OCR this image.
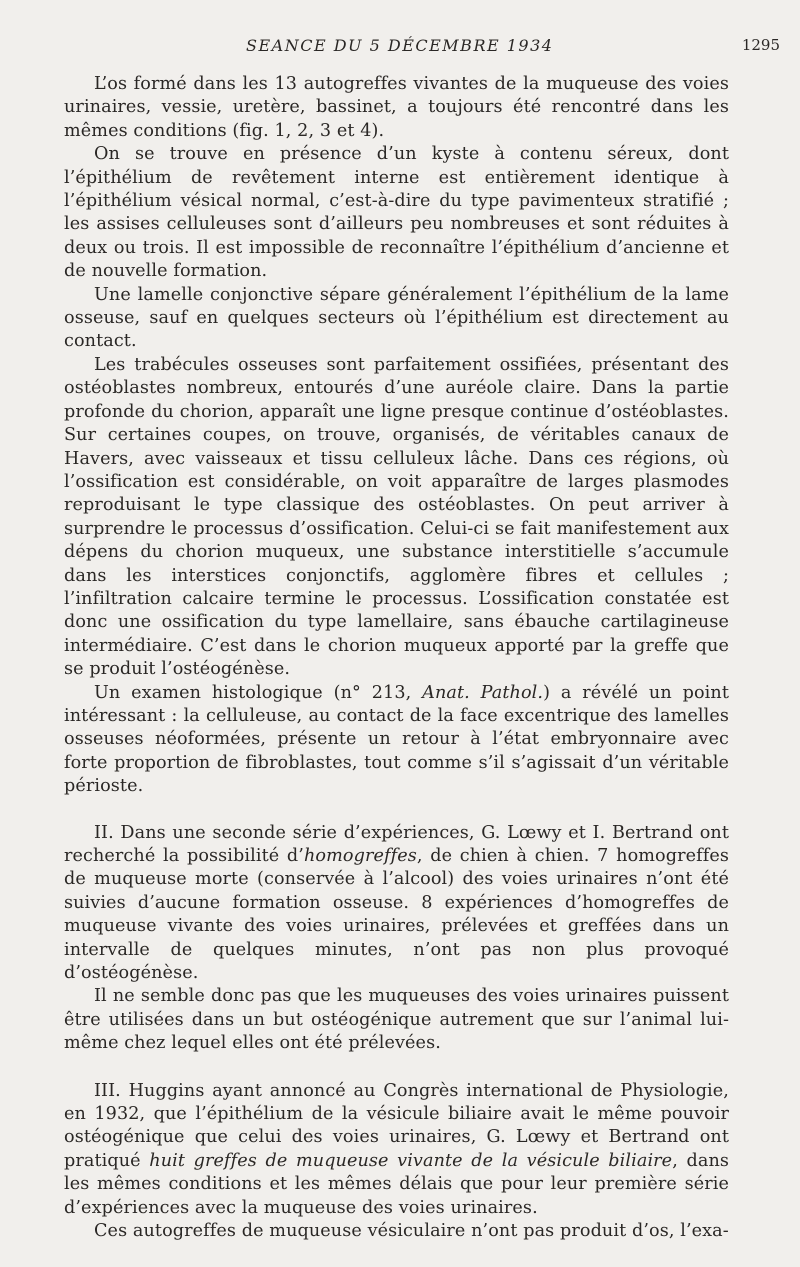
SEANCE DU 5 DÉCEMBRE 1934	1295

L’os formé dans les 13 autogreffes vivantes de la muqueuse des voies urinaires, vessie, uretère, bassinet, a toujours été rencontré dans les mêmes conditions (fig. 1, 2, 3 et 4).

On se trouve en présence d’un kyste à contenu séreux, dont l’épithélium de revêtement interne est entièrement identique à l’épithélium vésical normal, c’est-à-dire du type pavimenteux stratifié ; les assises celluleuses sont d’ailleurs peu nombreuses et sont réduites à deux ou trois. Il est impossible de reconnaître l’épithélium d’ancienne et de nouvelle formation.

Une lamelle conjonctive sépare généralement l’épithélium de la lame osseuse, sauf en quelques secteurs où l’épithélium est directement au contact.

Les trabécules osseuses sont parfaitement ossifiées, présentant des ostéoblastes nombreux, entourés d’une auréole claire. Dans la partie profonde du chorion, apparaît une ligne presque continue d’ostéoblastes. Sur certaines coupes, on trouve, organisés, de véritables canaux de Havers, avec vaisseaux et tissu celluleux lâche. Dans ces régions, où l’ossification est considérable, on voit apparaître de larges plasmodes reproduisant le type classique des ostéoblastes. On peut arriver à surprendre le processus d’ossification. Celui-ci se fait manifestement aux dépens du chorion muqueux, une substance interstitielle s’accumule dans les interstices conjonctifs, agglomère fibres et cellules ; l’infiltration calcaire termine le processus. L’ossification constatée est donc une ossification du type lamellaire, sans ébauche cartilagineuse intermédiaire. C’est dans le chorion muqueux apporté par la greffe que se produit l’ostéogénèse.

Un examen histologique (n° 213, Anat. Pathol.) a révélé un point intéressant : la celluleuse, au contact de la face excentrique des lamelles osseuses néoformées, présente un retour à l’état embryonnaire avec forte proportion de fibroblastes, tout comme s’il s’agissait d’un véritable périoste.

II. Dans une seconde série d’expériences, G. Lœwy et I. Bertrand ont recherché la possibilité d’homogreffes, de chien à chien. 7 homogreffes de muqueuse morte (conservée à l’alcool) des voies urinaires n’ont été suivies d’aucune formation osseuse. 8 expériences d’homogreffes de muqueuse vivante des voies urinaires, prélevées et greffées dans un intervalle de quelques minutes, n’ont pas non plus provoqué d’ostéogénèse.

Il ne semble donc pas que les muqueuses des voies urinaires puissent être utilisées dans un but ostéogénique autrement que sur l’animal lui-même chez lequel elles ont été prélevées.

III. Huggins ayant annoncé au Congrès international de Physiologie, en 1932, que l’épithélium de la vésicule biliaire avait le même pouvoir ostéogénique que celui des voies urinaires, G. Lœwy et Bertrand ont pratiqué huit greffes de muqueuse vivante de la vésicule biliaire, dans les mêmes conditions et les mêmes délais que pour leur première série d’expériences avec la muqueuse des voies urinaires.

Ces autogreffes de muqueuse vésiculaire n’ont pas produit d’os, l’exa-
